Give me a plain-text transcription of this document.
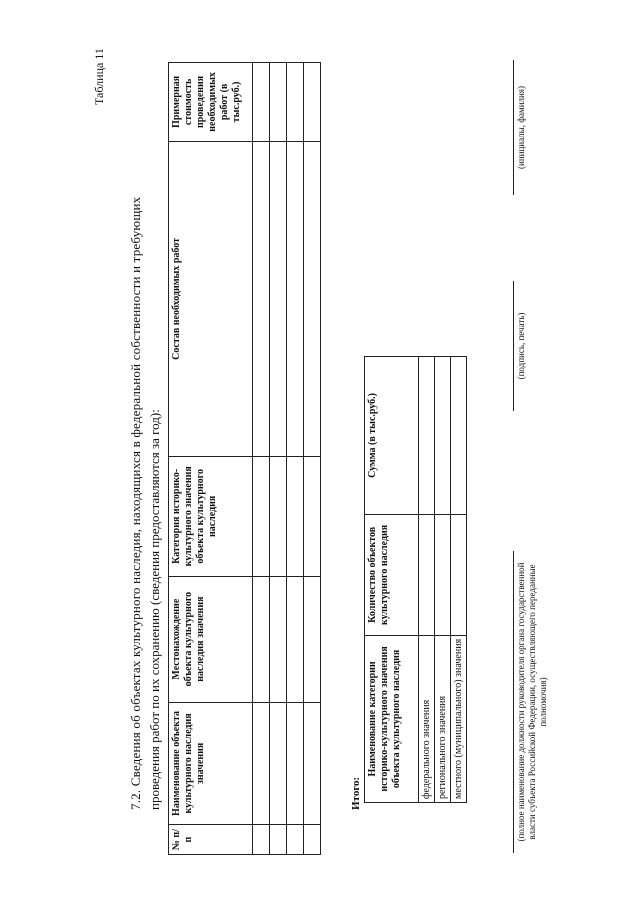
Таблица 11
7.2. Сведения об объектах культурного наследия, находящихся в федеральной собственности и требующих проведения работ по их сохранению (сведения предоставляются за год):
№ п/п	Наименование объекта культурного наследия значения	Местонахождение объекта культурного наследия значения	Категория историко-культурного значения объекта культурного наследия	Состав необходимых работ	Примерная стоимость проведения необходимых работ (в тыс.руб.)

Итого:
Наименование категории историко-культурного значения объекта культурного наследия	Количество объектов культурного наследия	Сумма (в тыс.руб.)
федерального значения		
регионального значения		
местного (муниципального) значения			(полное наименование должности руководителя органа государственной власти субъекта Российской Федерации, осуществляющего переданные полномочия)
(подпись, печать)
(инициалы, фамилия)
